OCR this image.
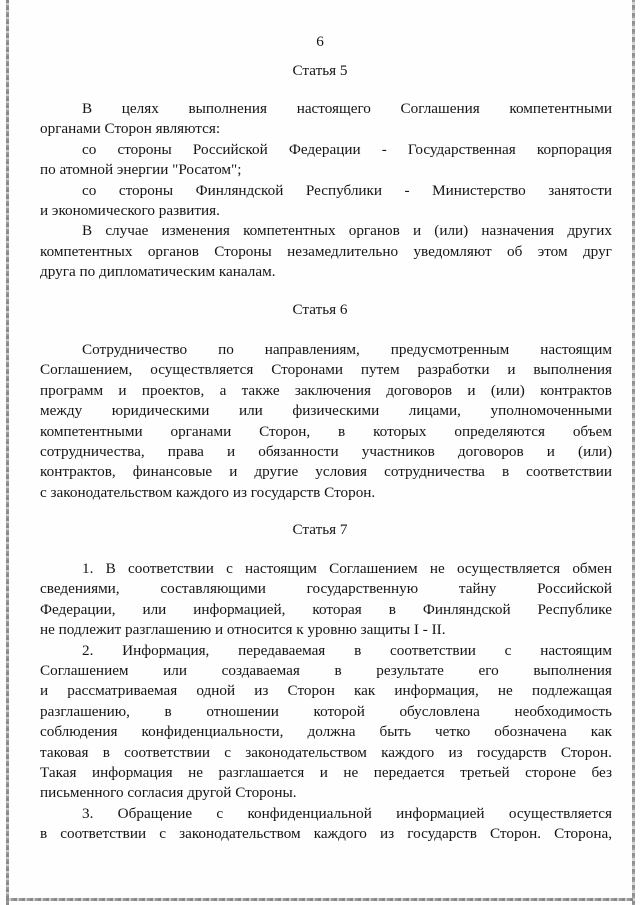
6
Статья 5
В целях выполнения настоящего Соглашения компетентными
органами Сторон являются:
со стороны Российской Федерации - Государственная корпорация
по атомной энергии "Росатом";
со стороны Финляндской Республики - Министерство занятости
и экономического развития.
В случае изменения компетентных органов и (или) назначения других
компетентных органов Стороны незамедлительно уведомляют об этом друг
друга по дипломатическим каналам.
Статья 6
Сотрудничество по направлениям, предусмотренным настоящим
Соглашением, осуществляется Сторонами путем разработки и выполнения
программ и проектов, а также заключения договоров и (или) контрактов
между юридическими или физическими лицами, уполномоченными
компетентными органами Сторон, в которых определяются объем
сотрудничества, права и обязанности участников договоров и (или)
контрактов, финансовые и другие условия сотрудничества в соответствии
с законодательством каждого из государств Сторон.
Статья 7
1. В соответствии с настоящим Соглашением не осуществляется обмен
сведениями,	составляющими	государственную	тайну	Российской
Федерации, или информацией, которая в Финляндской Республике
не подлежит разглашению и относится к уровню защиты I - II.
2. Информация, передаваемая в соответствии с настоящим
Соглашением или создаваемая в результате его выполнения
и рассматриваемая одной из Сторон как информация, не подлежащая
разглашению, в отношении которой обусловлена необходимость
соблюдения конфиденциальности, должна быть четко обозначена как
таковая в соответствии с законодательством каждого из государств Сторон.
Такая информация не разглашается и не передается третьей стороне без
письменного согласия другой Стороны.
3. Обращение с конфиденциальной информацией осуществляется
в соответствии с законодательством каждого из государств Сторон. Сторона,
